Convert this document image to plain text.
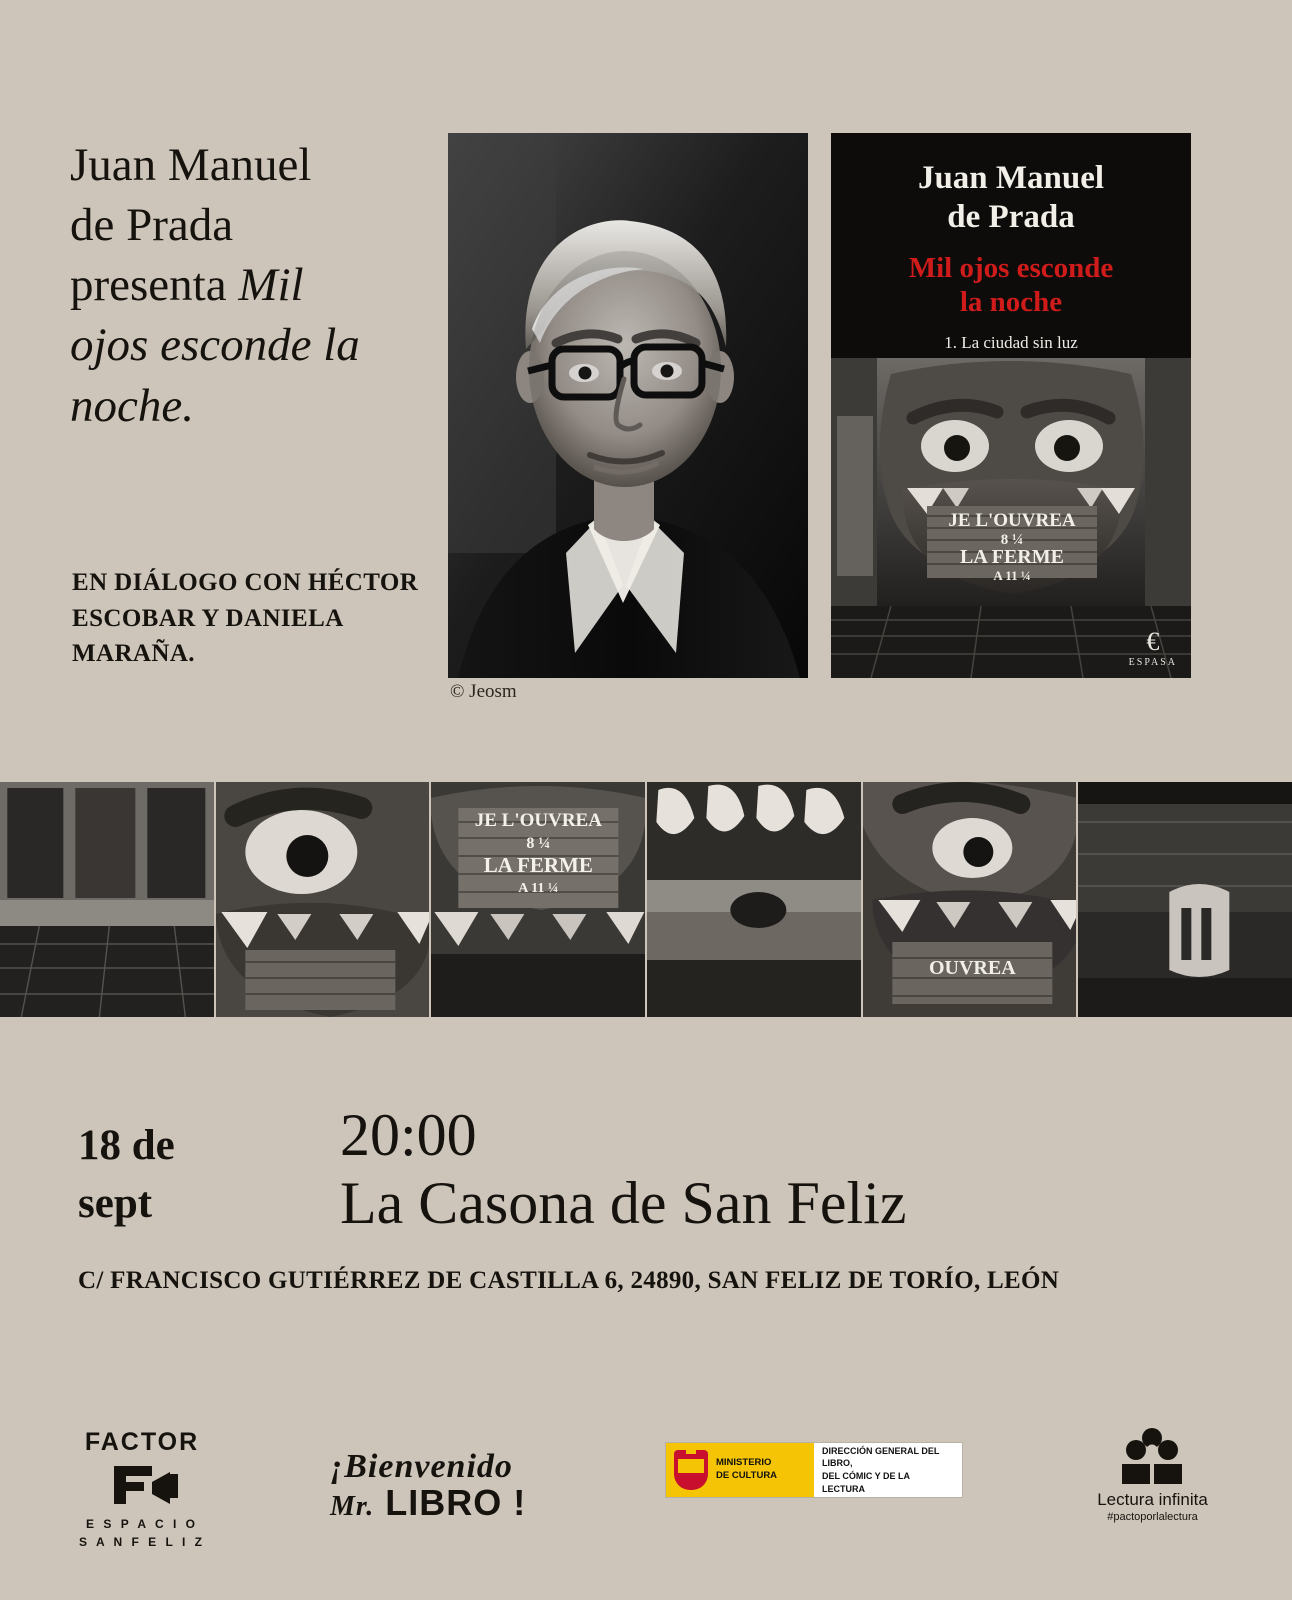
Juan Manuel
de Prada
presenta Mil
ojos esconde la
noche.
EN DIÁLOGO CON HÉCTOR ESCOBAR Y DANIELA MARAÑA.
© Jeosm
Juan Manuel
de Prada
Mil ojos esconde
la noche
1. La ciudad sin luz
JE L'OUVREA
8 ¼
LA FERME
A 11 ¼
€
ESPASA
JE L'OUVREA
8 ¼
LA FERME
A 11 ¼
OUVREA
18 de
sept
20:00
La Casona de San Feliz
C/ FRANCISCO GUTIÉRREZ DE CASTILLA 6, 24890, SAN FELIZ DE TORÍO, LEÓN
FACTOR
E S P A C I O
S A N F E L I Z
¡Bienvenido
Mr. LIBRO !
MINISTERIO
DE CULTURA
DIRECCIÓN GENERAL DEL LIBRO,
DEL CÓMIC Y DE LA LECTURA
Lectura infinita
#pactoporlalectura
